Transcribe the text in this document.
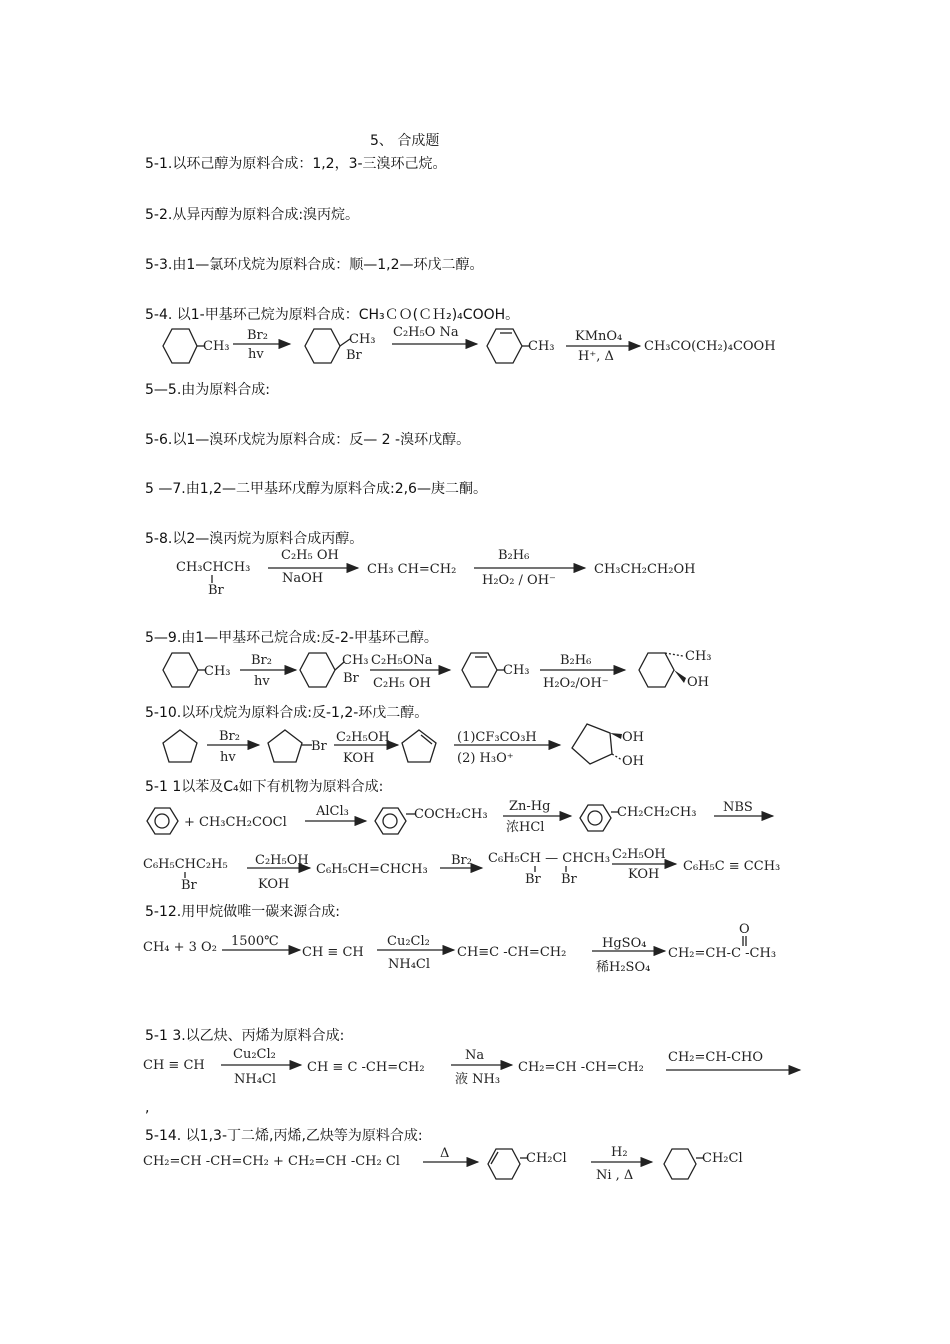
5、 合成题
5-1.以环己醇为原料合成：1,2，3-三溴环己烷。
5-2.从异丙醇为原料合成:溴丙烷。
5-3.由1—氯环戊烷为原料合成：顺—1,2—环戊二醇。
5-4. 以1-甲基环己烷为原料合成：CH₃ＣＯ(ＣＨ₂)₄COOH。
5—5.由为原料合成:
5-6.以1—溴环戊烷为原料合成：反— 2 -溴环戊醇。
5 —7.由1,2—二甲基环戊醇为原料合成:2,6—庚二酮。
5-8.以2—溴丙烷为原料合成丙醇。
5—9.由1—甲基环己烷合成:反-2-甲基环己醇。
5-10.以环戊烷为原料合成:反-1,2-环戊二醇。
5-1 1以苯及C₄如下有机物为原料合成:
5-12.用甲烷做唯一碳来源合成:
5-1 3.以乙炔、丙烯为原料合成:
,
5-14. 以1,3-丁二烯,丙烯,乙炔等为原料合成:
CH₃
Br₂
hv
CH₃
Br
C₂H₅O Na
CH₃
KMnO₄
H⁺, Δ
CH₃CO(CH₂)₄COOH
CH₃CHCH₃
Br
C₂H₅ OH
NaOH
CH₃ CH=CH₂
B₂H₆
H₂O₂ / OH⁻
CH₃CH₂CH₂OH
CH₃
Br₂
hv
CH₃
Br
C₂H₅ONa
C₂H₅ OH
CH₃
B₂H₆
H₂O₂/OH⁻
CH₃
OH
Br₂
hv
Br
C₂H₅OH
KOH
(1)CF₃CO₃H
(2) H₃O⁺
OH
OH
+ CH₃CH₂COCl
AlCl₃	COCH₂CH₃
Zn-Hg
浓HCl
CH₂CH₂CH₃ NBS
C₆H₅CHC₂H₅
Br
C₂H₅OH
KOH
C₆H₅CH=CHCH₃
Br₂ C₆H₅CH — CHCH₃
Br Br
C₂H₅OH
KOH
C₆H₅C ≡ CCH₃
CH₄ + 3 O₂ 1500℃
CH ≡ CH
Cu₂Cl₂
NH₄Cl
CH≡C -CH=CH₂
HgSO₄
稀H₂SO₄
O
CH₂=CH-C -CH₃
CH ≡ CH
Cu₂Cl₂
NH₄Cl
CH ≡ C -CH=CH₂
Na
液 NH₃
CH₂=CH -CH=CH₂
CH₂=CH-CHO
CH₂=CH -CH=CH₂ + CH₂=CH -CH₂ Cl
Δ	CH₂Cl	H₂
Ni , Δ
CH₂Cl
